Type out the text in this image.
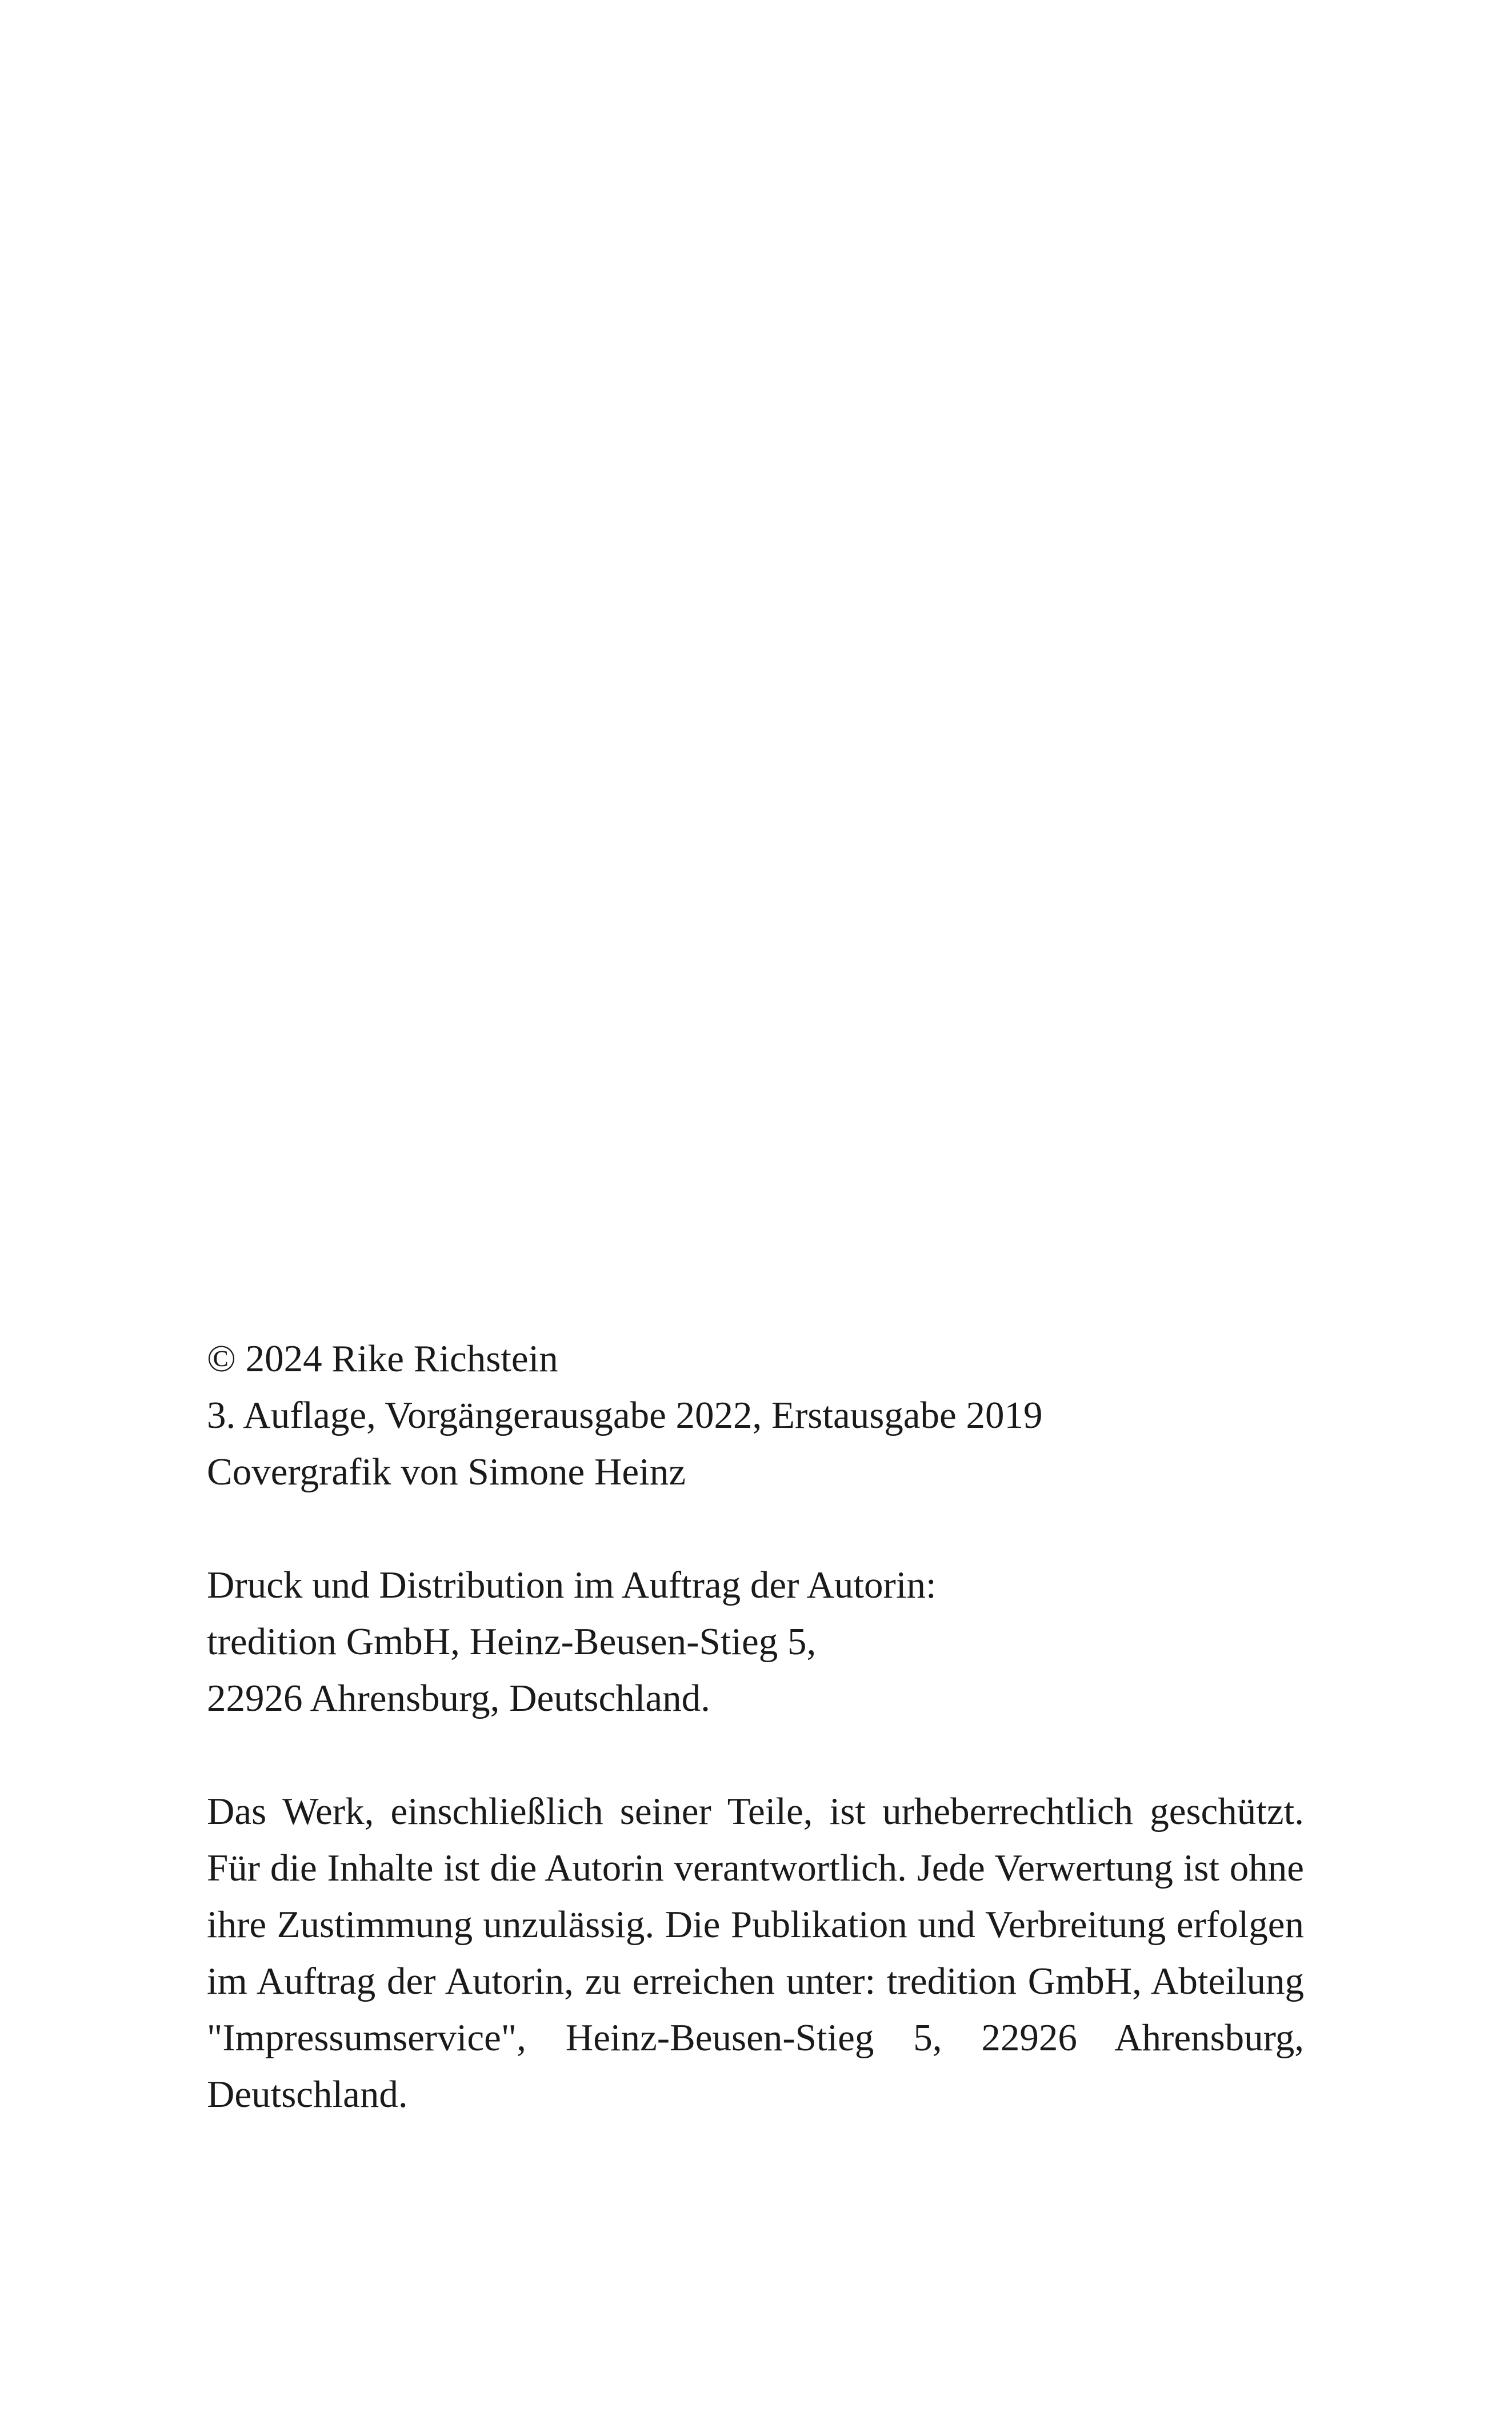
© 2024 Rike Richstein
3. Auflage, Vorgängerausgabe 2022, Erstausgabe 2019
Covergrafik von Simone Heinz
Druck und Distribution im Auftrag der Autorin:
tredition GmbH, Heinz-Beusen-Stieg 5,
22926 Ahrensburg, Deutschland.

Das Werk, einschließlich seiner Teile, ist urheberrechtlich geschützt. Für die Inhalte ist die Autorin verantwortlich. Jede Verwertung ist ohne ihre Zustimmung unzulässig. Die Publikation und Verbreitung erfolgen im Auftrag der Autorin, zu erreichen unter: tredition GmbH, Abteilung "Impressumservice", Heinz-Beusen-Stieg 5, 22926 Ahrensburg, Deutschland.
